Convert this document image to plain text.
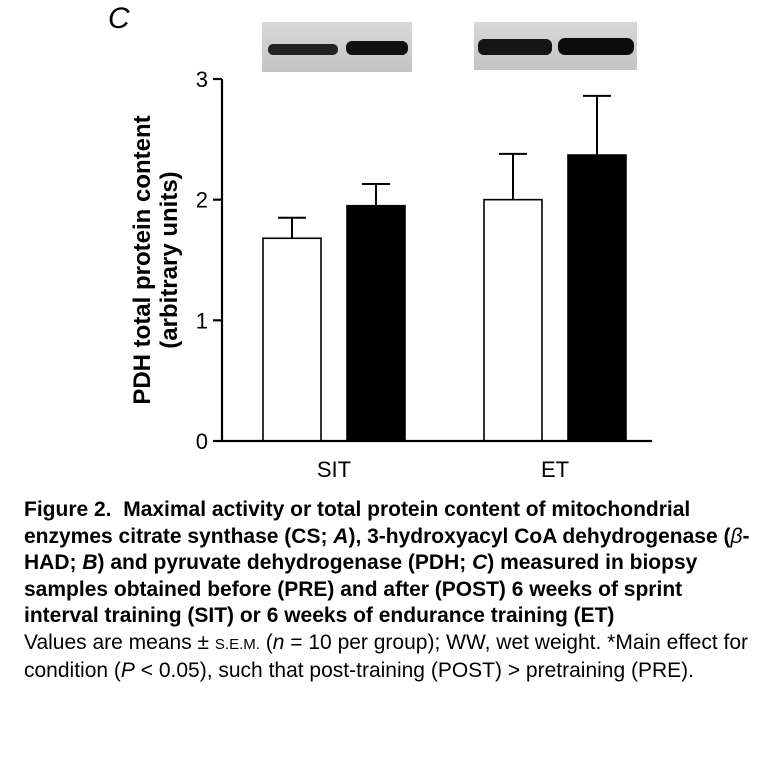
C
0
1
2
3
SIT	ET
PDH total protein content (arbitrary units)
Figure 2. Maximal activity or total protein content of mitochondrial enzymes citrate synthase (CS; A), 3-hydroxyacyl CoA dehydrogenase (β-HAD; B) and pyruvate dehydrogenase (PDH; C) measured in biopsy samples obtained before (PRE) and after (POST) 6 weeks of sprint interval training (SIT) or 6 weeks of endurance training (ET)
Values are means ± S.E.M. (n = 10 per group); WW, wet weight. *Main effect for condition (P < 0.05), such that post-training (POST) > pretraining (PRE).
